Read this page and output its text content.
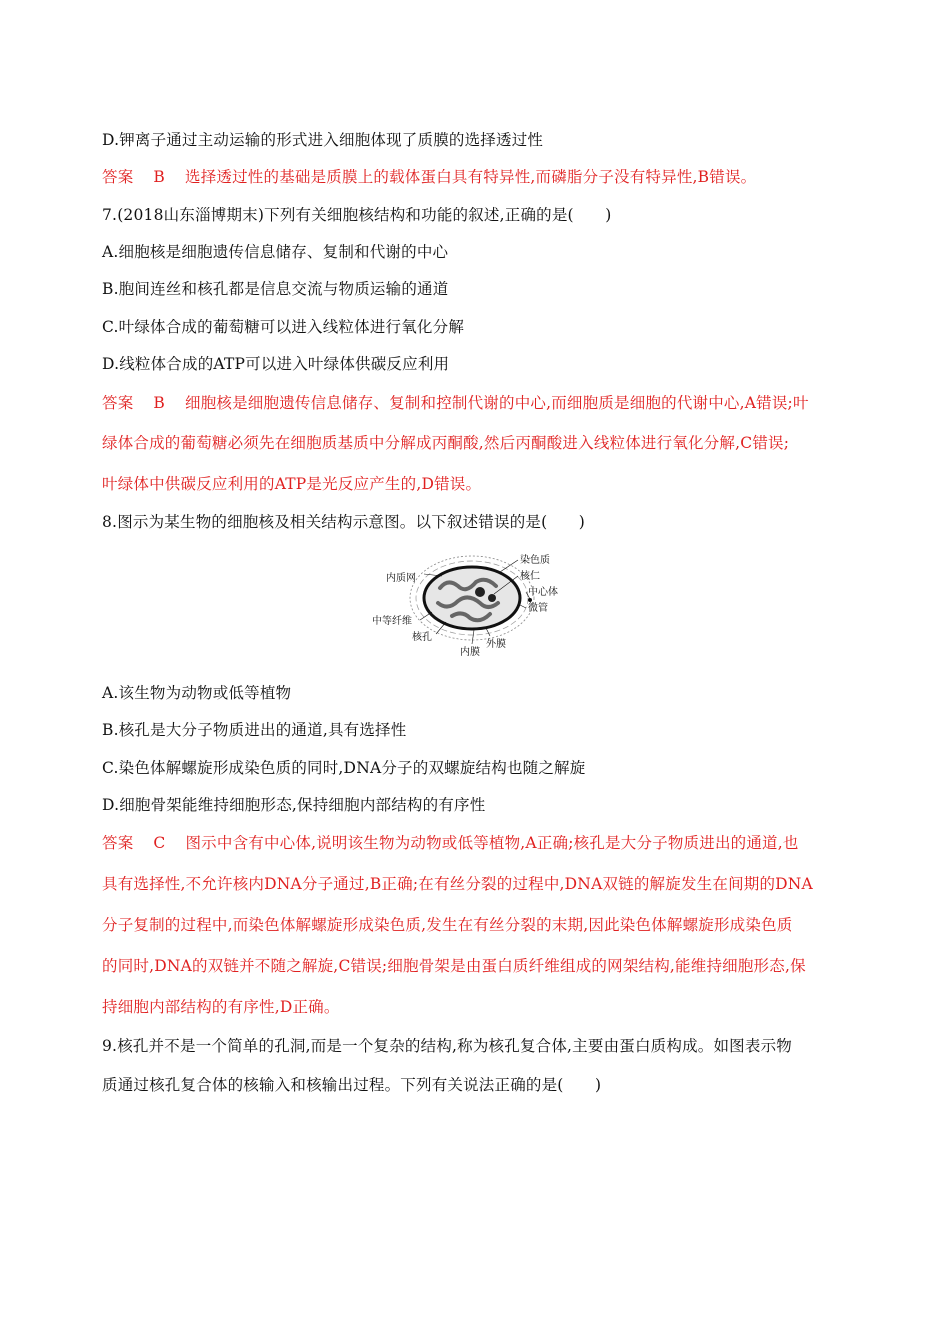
D.钾离子通过主动运输的形式进入细胞体现了质膜的选择透过性
答案 B 选择透过性的基础是质膜上的载体蛋白具有特异性,而磷脂分子没有特异性,B错误。
7.(2018山东淄博期末)下列有关细胞核结构和功能的叙述,正确的是(　　)
A.细胞核是细胞遗传信息储存、复制和代谢的中心
B.胞间连丝和核孔都是信息交流与物质运输的通道
C.叶绿体合成的葡萄糖可以进入线粒体进行氧化分解
D.线粒体合成的ATP可以进入叶绿体供碳反应利用
答案 B 细胞核是细胞遗传信息储存、复制和控制代谢的中心,而细胞质是细胞的代谢中心,A错误;叶
绿体合成的葡萄糖必须先在细胞质基质中分解成丙酮酸,然后丙酮酸进入线粒体进行氧化分解,C错误;
叶绿体中供碳反应利用的ATP是光反应产生的,D错误。
8.图示为某生物的细胞核及相关结构示意图。以下叙述错误的是(　　)
内质网
染色质
核仁
中心体
微管
中等纤维
核孔
内膜
外膜
A.该生物为动物或低等植物
B.核孔是大分子物质进出的通道,具有选择性
C.染色体解螺旋形成染色质的同时,DNA分子的双螺旋结构也随之解旋
D.细胞骨架能维持细胞形态,保持细胞内部结构的有序性
答案 C 图示中含有中心体,说明该生物为动物或低等植物,A正确;核孔是大分子物质进出的通道,也
具有选择性,不允许核内DNA分子通过,B正确;在有丝分裂的过程中,DNA双链的解旋发生在间期的DNA
分子复制的过程中,而染色体解螺旋形成染色质,发生在有丝分裂的末期,因此染色体解螺旋形成染色质
的同时,DNA的双链并不随之解旋,C错误;细胞骨架是由蛋白质纤维组成的网架结构,能维持细胞形态,保
持细胞内部结构的有序性,D正确。
9.核孔并不是一个简单的孔洞,而是一个复杂的结构,称为核孔复合体,主要由蛋白质构成。如图表示物
质通过核孔复合体的核输入和核输出过程。下列有关说法正确的是(　　)
